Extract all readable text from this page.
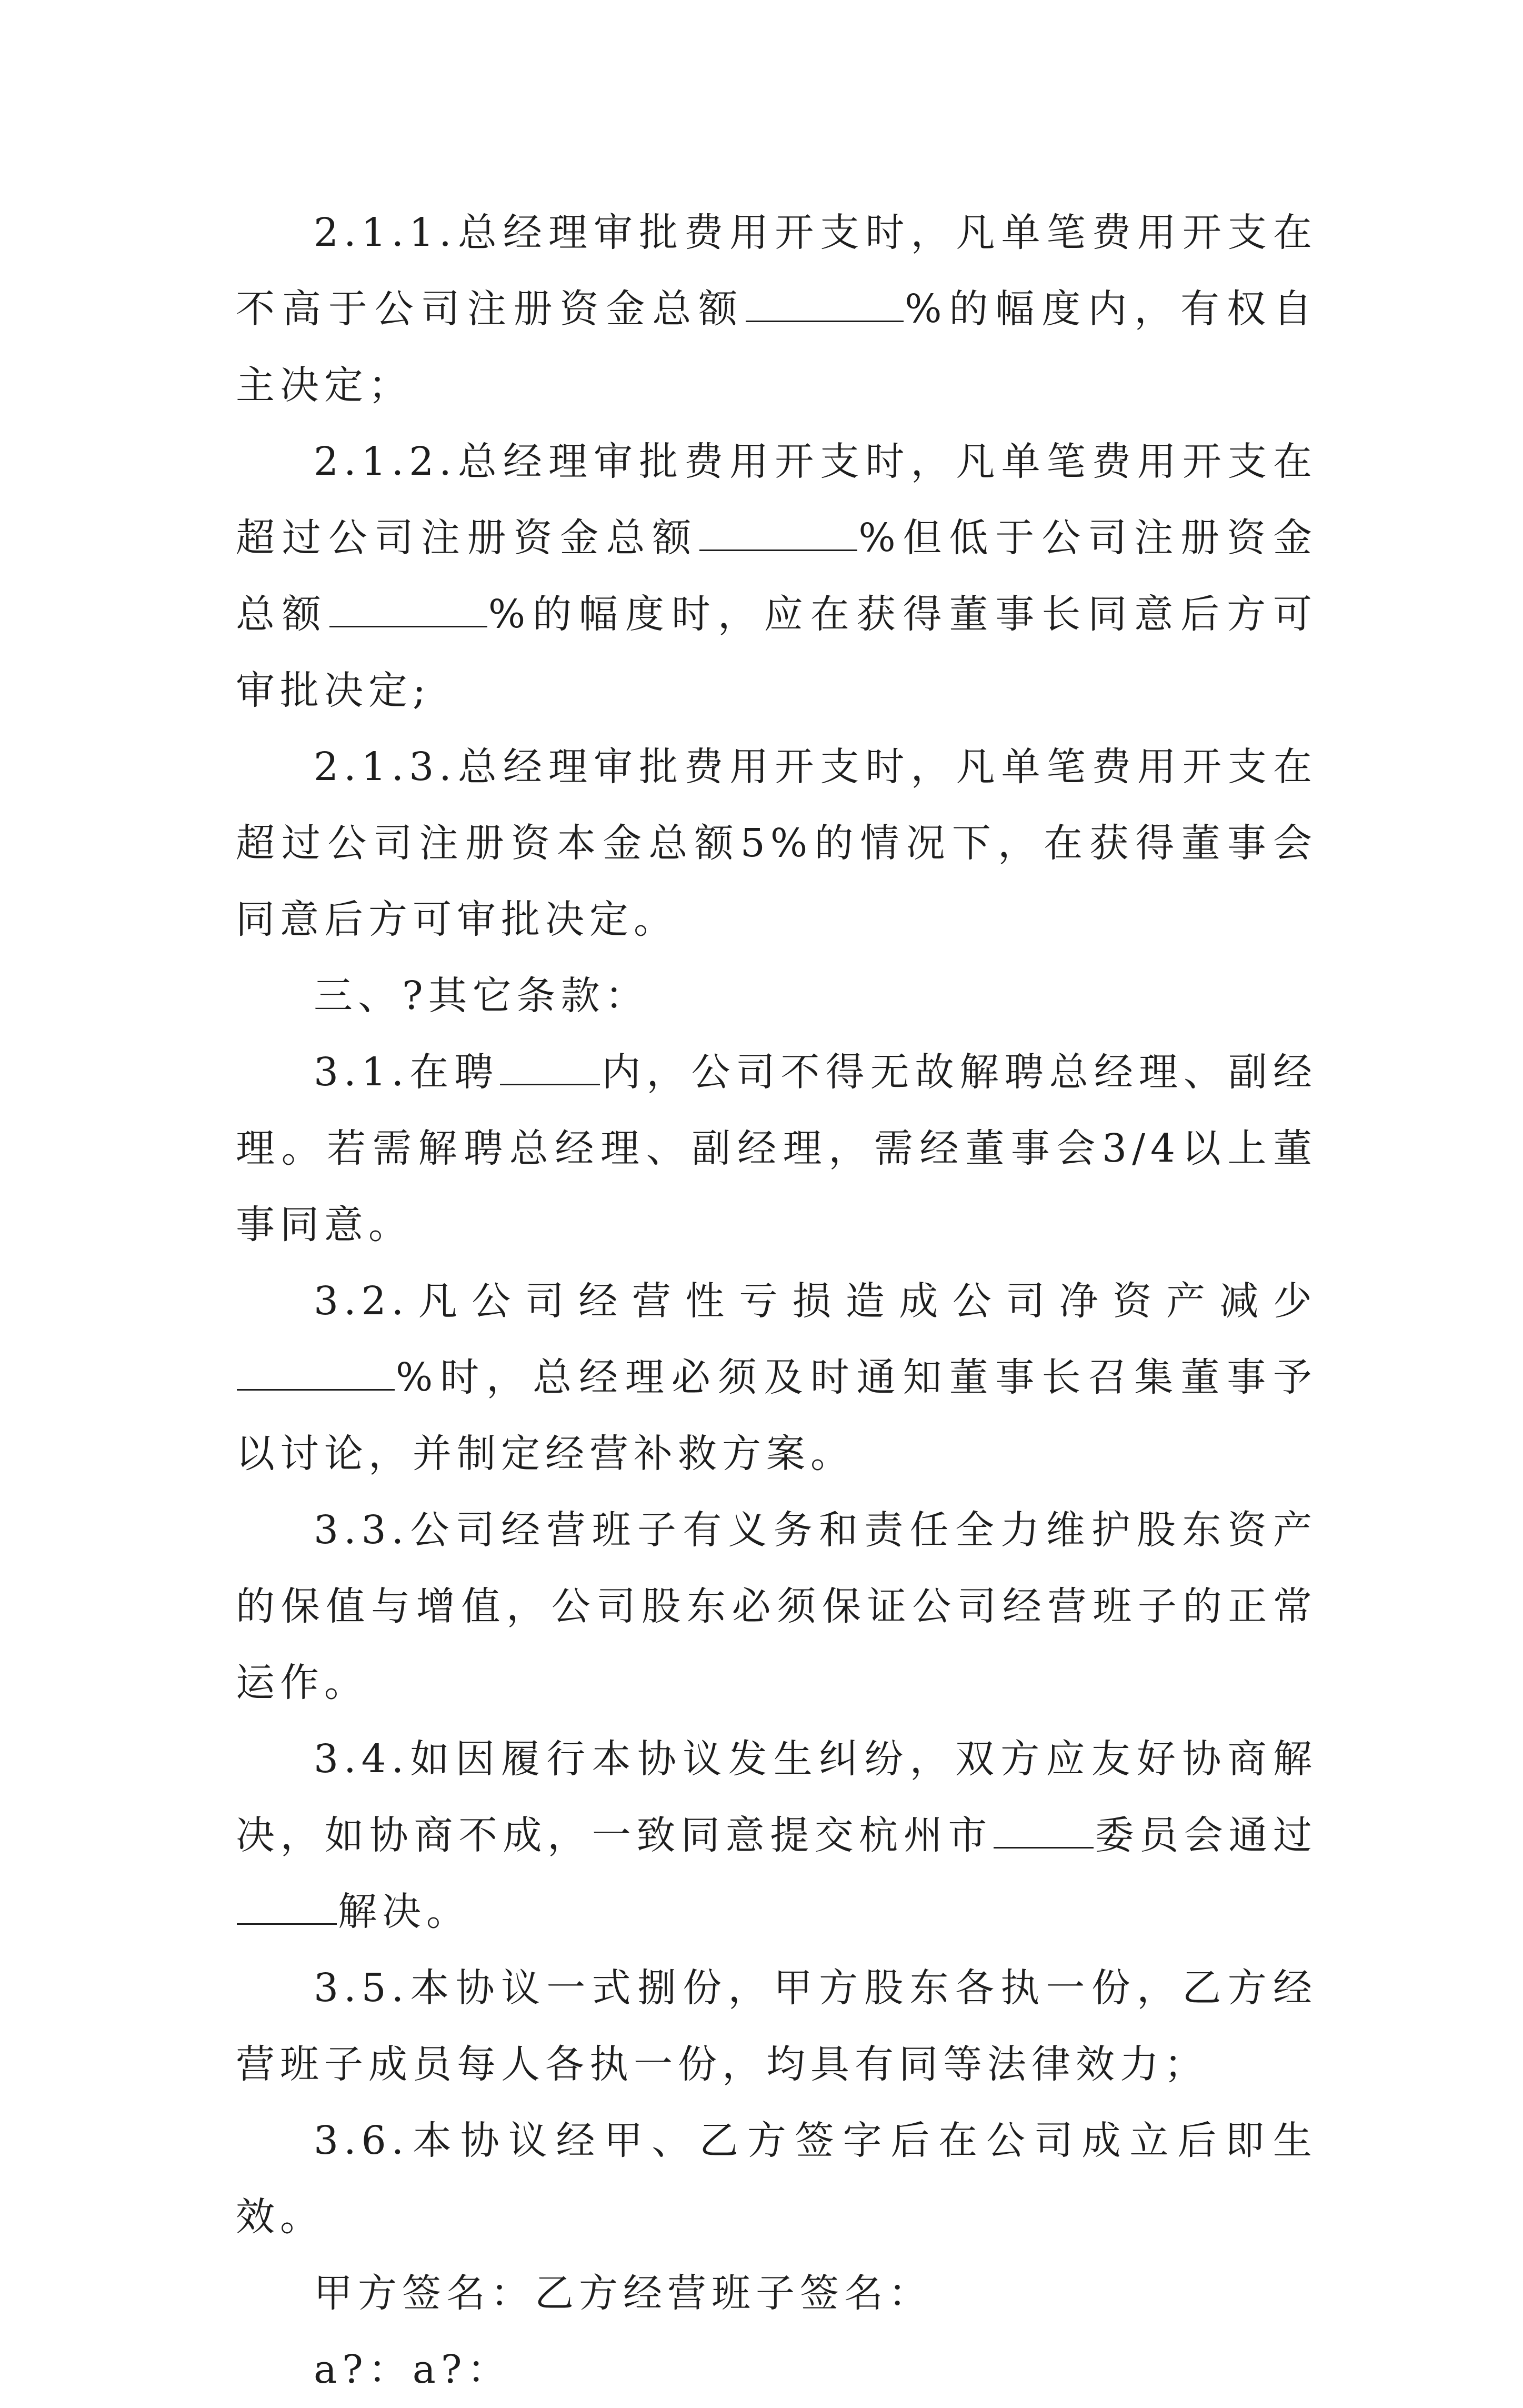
2.1.1.总经理审批费用开支时，凡单笔费用开支在不高于公司注册资金总额	%的幅度内，有权自主决定；

2.1.2.总经理审批费用开支时，凡单笔费用开支在超过公司注册资金总额	%但低于公司注册资金总额	%的幅度时，应在获得董事长同意后方可审批决定;

2.1.3.总经理审批费用开支时，凡单笔费用开支在超过公司注册资本金总额5%的情况下，在获得董事会同意后方可审批决定。

三、?其它条款：

3.1.在聘	内，公司不得无故解聘总经理、副经理。若需解聘总经理、副经理，需经董事会3/4以上董事同意。

3.2.凡公司经营性亏损造成公司净资产减少%时，总经理必须及时通知董事长召集董事予以讨论，并制定经营补救方案。

3.3.公司经营班子有义务和责任全力维护股东资产的保值与增值，公司股东必须保证公司经营班子的正常运作。

3.4.如因履行本协议发生纠纷，双方应友好协商解决，如协商不成，一致同意提交杭州市	委员会通过解决。

3.5.本协议一式捌份，甲方股东各执一份，乙方经营班子成员每人各执一份，均具有同等法律效力；

3.6.本协议经甲、乙方签字后在公司成立后即生效。

甲方签名：乙方经营班子签名：

a?：a?：
